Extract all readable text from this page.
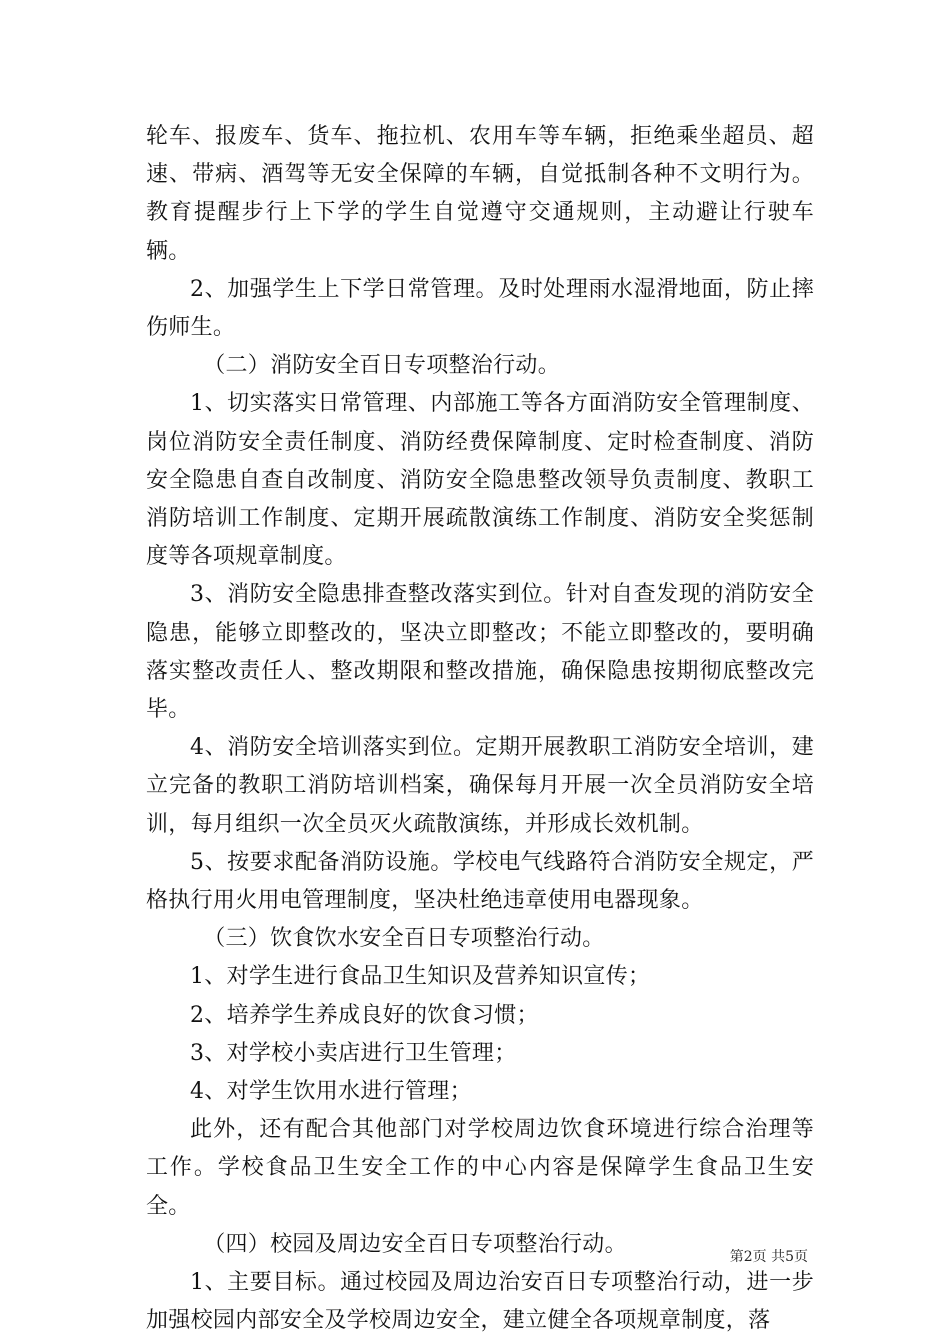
轮车、报废车、货车、拖拉机、农用车等车辆，拒绝乘坐超员、超速、带病、酒驾等无安全保障的车辆，自觉抵制各种不文明行为。教育提醒步行上下学的学生自觉遵守交通规则，主动避让行驶车辆。

2、加强学生上下学日常管理。及时处理雨水湿滑地面，防止摔伤师生。

（二）消防安全百日专项整治行动。

1、切实落实日常管理、内部施工等各方面消防安全管理制度、岗位消防安全责任制度、消防经费保障制度、定时检查制度、消防安全隐患自查自改制度、消防安全隐患整改领导负责制度、教职工消防培训工作制度、定期开展疏散演练工作制度、消防安全奖惩制度等各项规章制度。

3、消防安全隐患排查整改落实到位。针对自查发现的消防安全隐患，能够立即整改的，坚决立即整改；不能立即整改的，要明确落实整改责任人、整改期限和整改措施，确保隐患按期彻底整改完毕。

4、消防安全培训落实到位。定期开展教职工消防安全培训，建立完备的教职工消防培训档案，确保每月开展一次全员消防安全培训，每月组织一次全员灭火疏散演练，并形成长效机制。

5、按要求配备消防设施。学校电气线路符合消防安全规定，严格执行用火用电管理制度，坚决杜绝违章使用电器现象。

（三）饮食饮水安全百日专项整治行动。

1、对学生进行食品卫生知识及营养知识宣传；

2、培养学生养成良好的饮食习惯；

3、对学校小卖店进行卫生管理；

4、对学生饮用水进行管理；

此外，还有配合其他部门对学校周边饮食环境进行综合治理等工作。学校食品卫生安全工作的中心内容是保障学生食品卫生安全。

（四）校园及周边安全百日专项整治行动。

1、主要目标。通过校园及周边治安百日专项整治行动，进一步加强校园内部安全及学校周边安全，建立健全各项规章制度，落

第2页 共5页
